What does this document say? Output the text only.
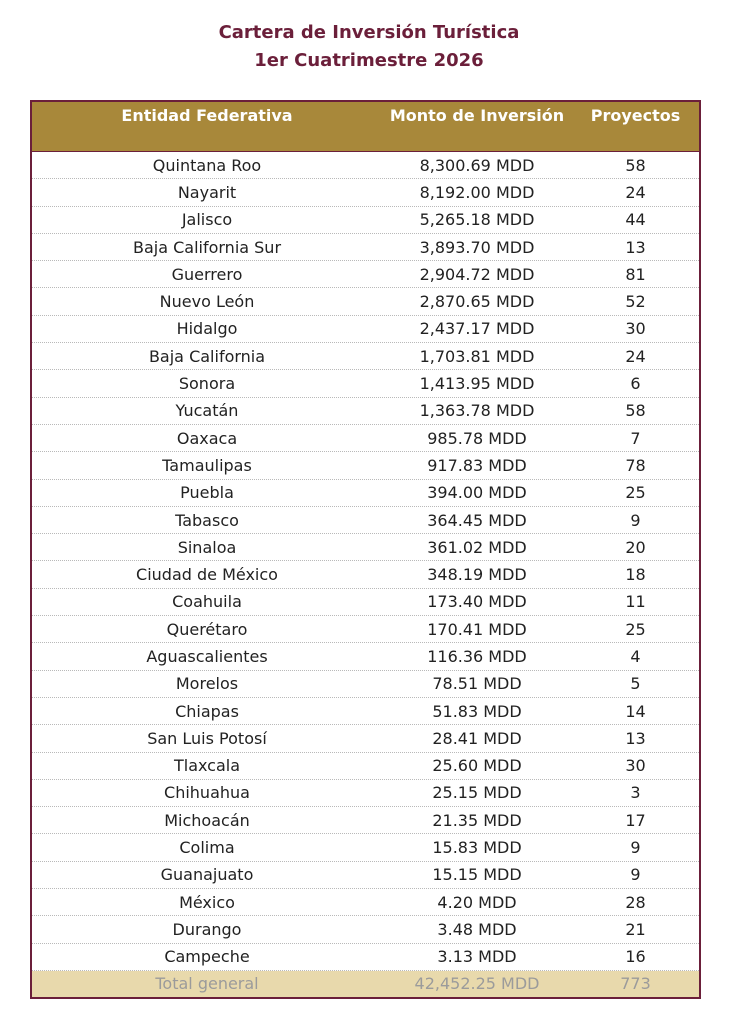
Cartera de Inversión Turística
1er Cuatrimestre 2026
Entidad Federativa	Monto de Inversión	Proyectos
Quintana Roo	8,300.69 MDD	58
Nayarit	8,192.00 MDD	24
Jalisco	5,265.18 MDD	44
Baja California Sur	3,893.70 MDD	13
Guerrero	2,904.72 MDD	81
Nuevo León	2,870.65 MDD	52
Hidalgo	2,437.17 MDD	30
Baja California	1,703.81 MDD	24
Sonora	1,413.95 MDD	6
Yucatán	1,363.78 MDD	58
Oaxaca	985.78 MDD	7
Tamaulipas	917.83 MDD	78
Puebla	394.00 MDD	25
Tabasco	364.45 MDD	9
Sinaloa	361.02 MDD	20
Ciudad de México	348.19 MDD	18
Coahuila	173.40 MDD	11
Querétaro	170.41 MDD	25
Aguascalientes	116.36 MDD	4
Morelos	78.51 MDD	5
Chiapas	51.83 MDD	14
San Luis Potosí	28.41 MDD	13
Tlaxcala	25.60 MDD	30
Chihuahua	25.15 MDD	3
Michoacán	21.35 MDD	17
Colima	15.83 MDD	9
Guanajuato	15.15 MDD	9
México	4.20 MDD	28
Durango	3.48 MDD	21
Campeche	3.13 MDD	16
Total general	42,452.25 MDD	773
